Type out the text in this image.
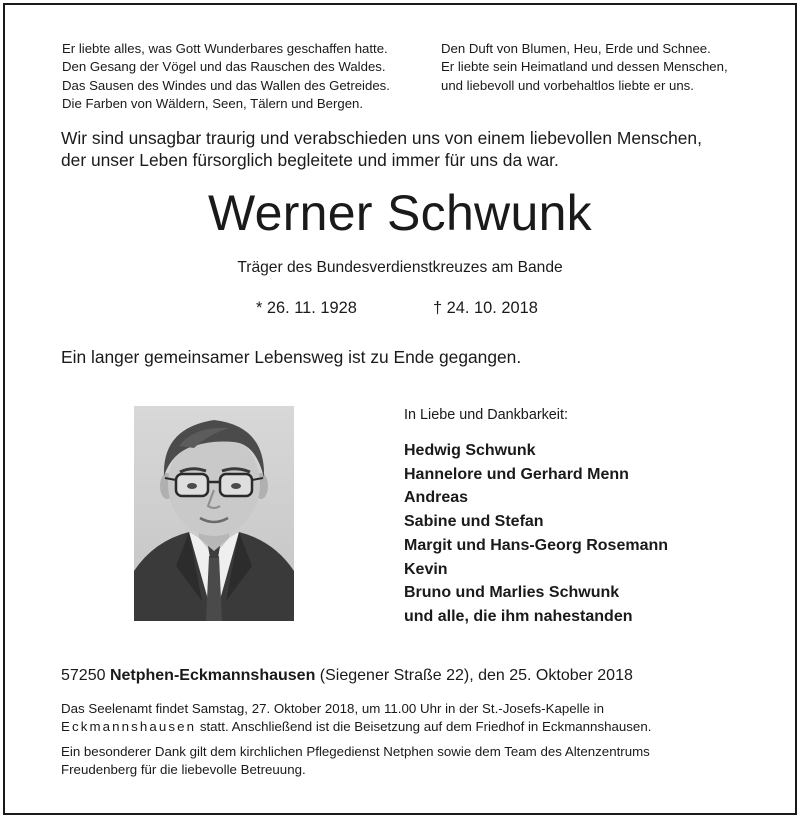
Er liebte alles, was Gott Wunderbares geschaffen hatte.
Den Gesang der Vögel und das Rauschen des Waldes.
Das Sausen des Windes und das Wallen des Getreides.
Die Farben von Wäldern, Seen, Tälern und Bergen.
Den Duft von Blumen, Heu, Erde und Schnee.
Er liebte sein Heimatland und dessen Menschen,
und liebevoll und vorbehaltlos liebte er uns.
Wir sind unsagbar traurig und verabschieden uns von einem liebevollen Menschen,
der unser Leben fürsorglich begleitete und immer für uns da war.
Werner Schwunk
Träger des Bundesverdienstkreuzes am Bande
* 26. 11. 1928	† 24. 10. 2018
Ein langer gemeinsamer Lebensweg ist zu Ende gegangen.
In Liebe und Dankbarkeit:
Hedwig Schwunk
Hannelore und Gerhard Menn
Andreas
Sabine und Stefan
Margit und Hans-Georg Rosemann
Kevin
Bruno und Marlies Schwunk
und alle, die ihm nahestanden
57250 Netphen-Eckmannshausen (Siegener Straße 22), den 25. Oktober 2018
Das Seelenamt findet Samstag, 27. Oktober 2018, um 11.00 Uhr in der St.-Josefs-Kapelle in
Eckmannshausen statt. Anschließend ist die Beisetzung auf dem Friedhof in Eckmannshausen.
Ein besonderer Dank gilt dem kirchlichen Pflegedienst Netphen sowie dem Team des Altenzentrums
Freudenberg für die liebevolle Betreuung.
